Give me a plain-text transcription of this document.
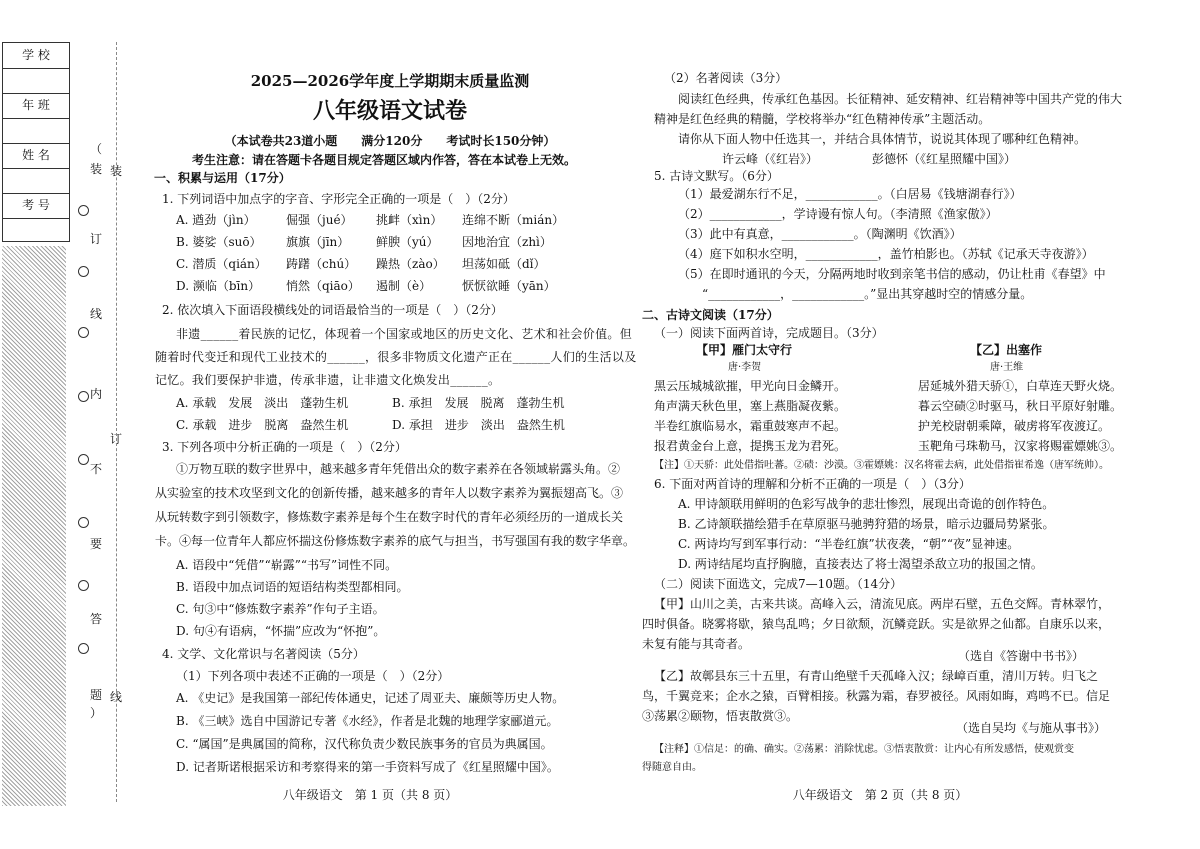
学 校
年 班
姓 名
考 号
（
装
订
线
内
不
要
答
题
）
装
订
线
2025—2026学年度上学期期末质量监测
八年级语文试卷
（本试卷共23道小题　　满分120分　　考试时长150分钟）
考生注意：请在答题卡各题目规定答题区域内作答，答在本试卷上无效。
一、积累与运用（17分）
1. 下列词语中加点字的字音、字形完全正确的一项是（　）（2分）
A. 遒劲（jìn）	倔强（jué） 挑衅（xìn） 连绵不断（mián）
B. 婆娑（suō） 旗旗（jīn） 鲜腴（yú） 因地治宜（zhì）
C. 潜质（qián） 踌躇（chú） 躁热（zào） 坦荡如砥（dǐ）
D. 濒临（bīn） 悄然（qiāo） 遏制（è）	恹恹欲睡（yān）
2. 依次填入下面语段横线处的词语最恰当的一项是（　）（2分）
非遗______着民族的记忆，体现着一个国家或地区的历史文化、艺术和社会价值。但
随着时代变迁和现代工业技术的______，很多非物质文化遗产正在______人们的生活以及
记忆。我们要保护非遗，传承非遗，让非遗文化焕发出______。
A. 承载　发展　淡出　蓬勃生机	B. 承担　发展　脱离　蓬勃生机
C. 承载　进步　脱离　盎然生机	D. 承担　进步　淡出　盎然生机
3. 下列各项中分析正确的一项是（　）（2分）
①万物互联的数字世界中，越来越多青年凭借出众的数字素养在各领域崭露头角。②
从实验室的技术攻坚到文化的创新传播，越来越多的青年人以数字素养为翼振翅高飞。③
从玩转数字到引领数字，修炼数字素养是每个生在数字时代的青年必须经历的一道成长关
卡。④每一位青年人都应怀揣这份修炼数字素养的底气与担当，书写强国有我的数字华章。
A. 语段中“凭借”“崭露”“书写”词性不同。
B. 语段中加点词语的短语结构类型都相同。
C. 句③中“修炼数字素养”作句子主语。
D. 句④有语病，“怀揣”应改为“怀抱”。
4. 文学、文化常识与名著阅读（5分）
（1）下列各项中表述不正确的一项是（　）（2分）
A. 《史记》是我国第一部纪传体通史，记述了周亚夫、廉颇等历史人物。
B. 《三峡》选自中国游记专著《水经》，作者是北魏的地理学家郦道元。
C. “属国”是典属国的简称，汉代称负责少数民族事务的官员为典属国。
D. 记者斯诺根据采访和考察得来的第一手资料写成了《红星照耀中国》。
八年级语文　第 1 页（共 8 页）
（2）名著阅读（3分）
阅读红色经典，传承红色基因。长征精神、延安精神、红岩精神等中国共产党的伟大
精神是红色经典的精髓，学校将举办“红色精神传承”主题活动。
请你从下面人物中任选其一，并结合具体情节，说说其体现了哪种红色精神。
许云峰（《红岩》）	彭德怀（《红星照耀中国》）
5. 古诗文默写。（6分）
（1）最爱湖东行不足，____________。（白居易《钱塘湖春行》）
（2）____________，学诗谩有惊人句。（李清照《渔家傲》）
（3）此中有真意，____________。（陶渊明《饮酒》）
（4）庭下如积水空明，____________，盖竹柏影也。（苏轼《记承天寺夜游》）
（5）在即时通讯的今天，分隔两地时收到亲笔书信的感动，仍让杜甫《春望》中
“____________，____________。”显出其穿越时空的情感分量。
二、古诗文阅读（17分）
（一）阅读下面两首诗，完成题目。（3分）
【甲】雁门太守行
唐·李贺
黑云压城城欲摧，甲光向日金鳞开。
角声满天秋色里，塞上燕脂凝夜紫。
半卷红旗临易水，霜重鼓寒声不起。
报君黄金台上意，提携玉龙为君死。
【乙】出塞作
唐·王维
居延城外猎天骄①，白草连天野火烧。
暮云空碛②时驱马，秋日平原好射雕。
护羌校尉朝乘障，破虏将军夜渡辽。
玉靶角弓珠勒马，汉家将赐霍嫖姚③。
【注】①天骄：此处借指吐蕃。②碛：沙漠。③霍嫖姚：汉名将霍去病，此处借指崔希逸（唐军统帅）。
6. 下面对两首诗的理解和分析不正确的一项是（　）（3分）
A. 甲诗颔联用鲜明的色彩写战争的悲壮惨烈，展现出奇诡的创作特色。
B. 乙诗颔联描绘猎手在草原驱马驰骋狩猎的场景，暗示边疆局势紧张。
C. 两诗均写到军事行动：“半卷红旗”状夜袭，“朝”“夜”显神速。
D. 两诗结尾均直抒胸臆，直接表达了将士渴望杀敌立功的报国之情。
（二）阅读下面选文，完成7—10题。（14分）
【甲】山川之美，古来共谈。高峰入云，清流见底。两岸石壁，五色交辉。青林翠竹，
四时俱备。晓雾将歇，猿鸟乱鸣；夕日欲颓，沉鳞竞跃。实是欲界之仙都。自康乐以来，
未复有能与其奇者。
（选自《答谢中书书》）
【乙】故鄣县东三十五里，有青山绝壁千天孤峰入汉；绿嶂百重，清川万转。归飞之
鸟，千翼竞来；企水之猿，百臂相接。秋露为霜，春罗被径。风雨如晦，鸡鸣不已。信足
③荡累②颐物，悟衷散赏③。
（选自吴均《与施从事书》）
【注释】①信足：的确、确实。②荡累：消除忧虑。③悟衷散赏：让内心有所发感悟，使观赏变
得随意自由。
八年级语文　第 2 页（共 8 页）
